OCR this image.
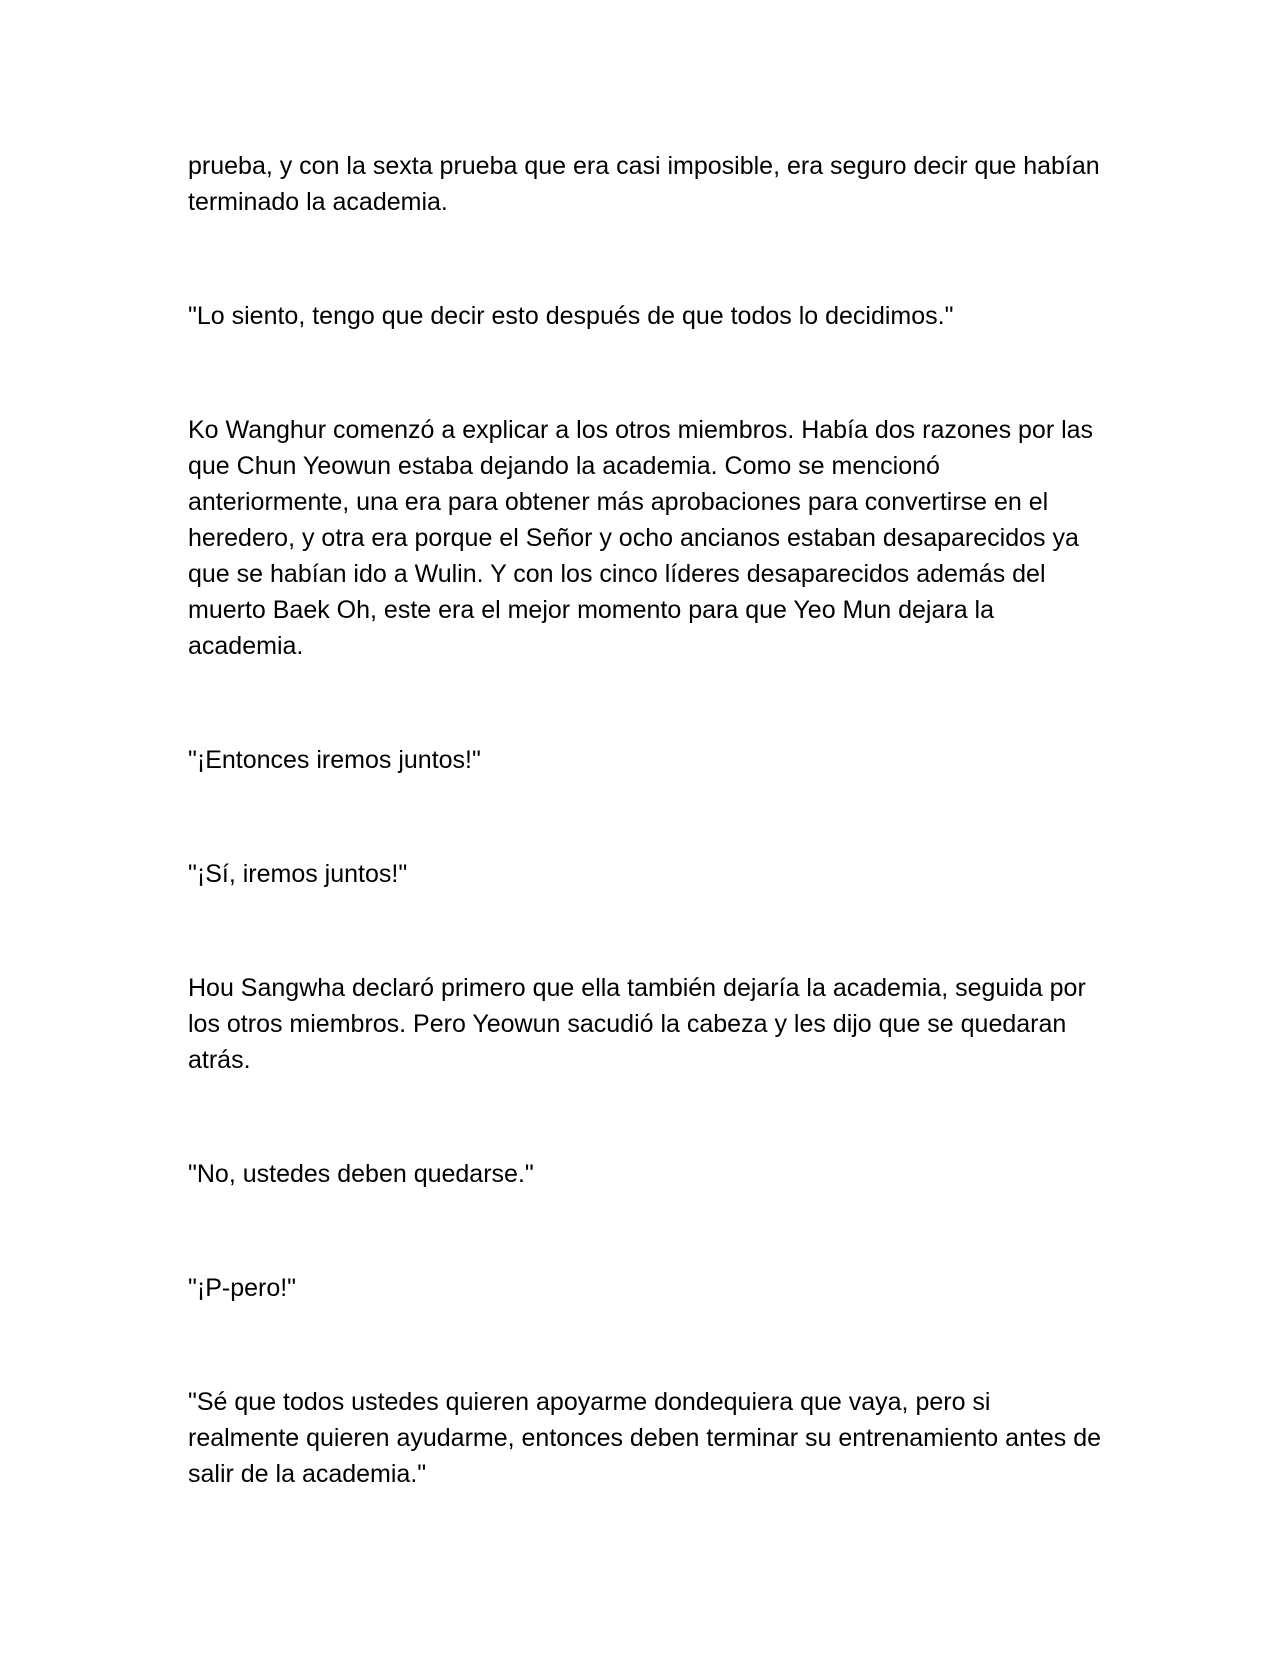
prueba, y con la sexta prueba que era casi imposible, era seguro decir que habían terminado la academia.

"Lo siento, tengo que decir esto después de que todos lo decidimos."

Ko Wanghur comenzó a explicar a los otros miembros. Había dos razones por las que Chun Yeowun estaba dejando la academia. Como se mencionó anteriormente, una era para obtener más aprobaciones para convertirse en el heredero, y otra era porque el Señor y ocho ancianos estaban desaparecidos ya que se habían ido a Wulin. Y con los cinco líderes desaparecidos además del muerto Baek Oh, este era el mejor momento para que Yeo Mun dejara la academia.

"¡Entonces iremos juntos!"

"¡Sí, iremos juntos!"

Hou Sangwha declaró primero que ella también dejaría la academia, seguida por los otros miembros. Pero Yeowun sacudió la cabeza y les dijo que se quedaran atrás.

"No, ustedes deben quedarse."

"¡P-pero!"

"Sé que todos ustedes quieren apoyarme dondequiera que vaya, pero si realmente quieren ayudarme, entonces deben terminar su entrenamiento antes de salir de la academia."
